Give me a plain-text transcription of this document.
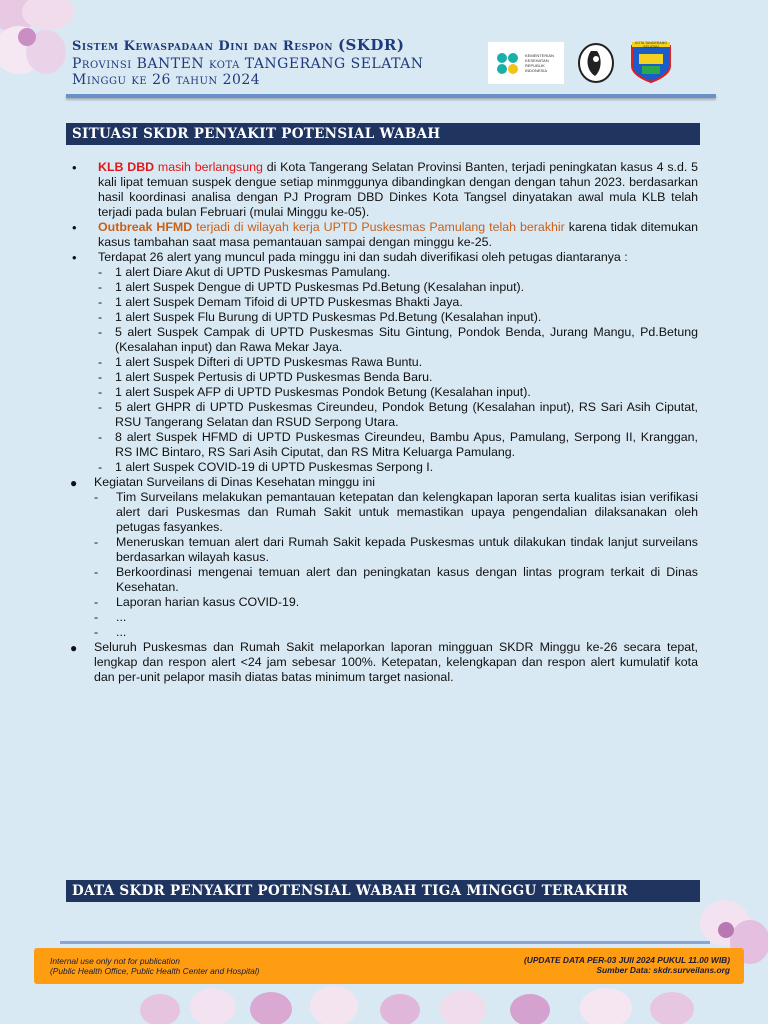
Sistem Kewaspadaan Dini dan Respon (SKDR)
Provinsi BANTEN kota TANGERANG SELATAN
Minggu ke 26 tahun 2024
KEMENTERIAN KESEHATAN REPUBLIK INDONESIA
KOTA TANGERANG SELATAN
SITUASI SKDR PENYAKIT POTENSIAL WABAH
• KLB DBD masih berlangsung di Kota Tangerang Selatan Provinsi Banten, terjadi peningkatan kasus 4 s.d. 5 kali lipat temuan suspek dengue setiap minmggunya dibandingkan dengan dengan tahun 2023. berdasarkan hasil koordinasi analisa dengan PJ Program DBD Dinkes Kota Tangsel dinyatakan awal mula KLB telah terjadi pada bulan Februari (mulai Minggu ke-05).
• Outbreak HFMD terjadi di wilayah kerja UPTD Puskesmas Pamulang telah berakhir karena tidak ditemukan kasus tambahan saat masa pemantauan sampai dengan minggu ke-25.
• Terdapat 26 alert yang muncul pada minggu ini dan sudah diverifikasi oleh petugas diantaranya :
- 1 alert Diare Akut di UPTD Puskesmas Pamulang.
- 1 alert Suspek Dengue di UPTD Puskesmas Pd.Betung (Kesalahan input).
- 1 alert Suspek Demam Tifoid di UPTD Puskesmas Bhakti Jaya.
- 1 alert Suspek Flu Burung di UPTD Puskesmas Pd.Betung (Kesalahan input).
- 5 alert Suspek Campak di UPTD Puskesmas Situ Gintung, Pondok Benda, Jurang Mangu, Pd.Betung (Kesalahan input) dan Rawa Mekar Jaya.
- 1 alert Suspek Difteri di UPTD Puskesmas Rawa Buntu.
- 1 alert Suspek Pertusis di UPTD Puskesmas Benda Baru.
- 1 alert Suspek AFP di UPTD Puskesmas Pondok Betung (Kesalahan input).
- 5 alert GHPR di UPTD Puskesmas Cireundeu, Pondok Betung (Kesalahan input), RS Sari Asih Ciputat, RSU Tangerang Selatan dan RSUD Serpong Utara.
- 8 alert Suspek HFMD di UPTD Puskesmas Cireundeu, Bambu Apus, Pamulang, Serpong II, Kranggan, RS IMC Bintaro, RS Sari Asih Ciputat, dan RS Mitra Keluarga Pamulang.
- 1 alert Suspek COVID-19 di UPTD Puskesmas Serpong I.
● Kegiatan Surveilans di Dinas Kesehatan minggu ini
- Tim Surveilans melakukan pemantauan ketepatan dan kelengkapan laporan serta kualitas isian verifikasi alert dari Puskesmas dan Rumah Sakit untuk memastikan upaya pengendalian dilaksanakan oleh petugas fasyankes.
- Meneruskan temuan alert dari Rumah Sakit kepada Puskesmas untuk dilakukan tindak lanjut surveilans berdasarkan wilayah kasus.
- Berkoordinasi mengenai temuan alert dan peningkatan kasus dengan lintas program terkait di Dinas Kesehatan.
- Laporan harian kasus COVID-19.
- ...
- ...
● Seluruh Puskesmas dan Rumah Sakit melaporkan laporan mingguan SKDR Minggu ke-26 secara tepat, lengkap dan respon alert <24 jam sebesar 100%. Ketepatan, kelengkapan dan respon alert kumulatif kota dan per-unit pelapor masih diatas batas minimum target nasional.
DATA SKDR PENYAKIT POTENSIAL WABAH TIGA MINGGU TERAKHIR
Internal use only not for publication
(Public Health Office, Public Health Center and Hospital)
(UPDATE DATA PER-03 JUll 2024 PUKUL 11.00 WIB)
Sumber Data: skdr.surveilans.org
